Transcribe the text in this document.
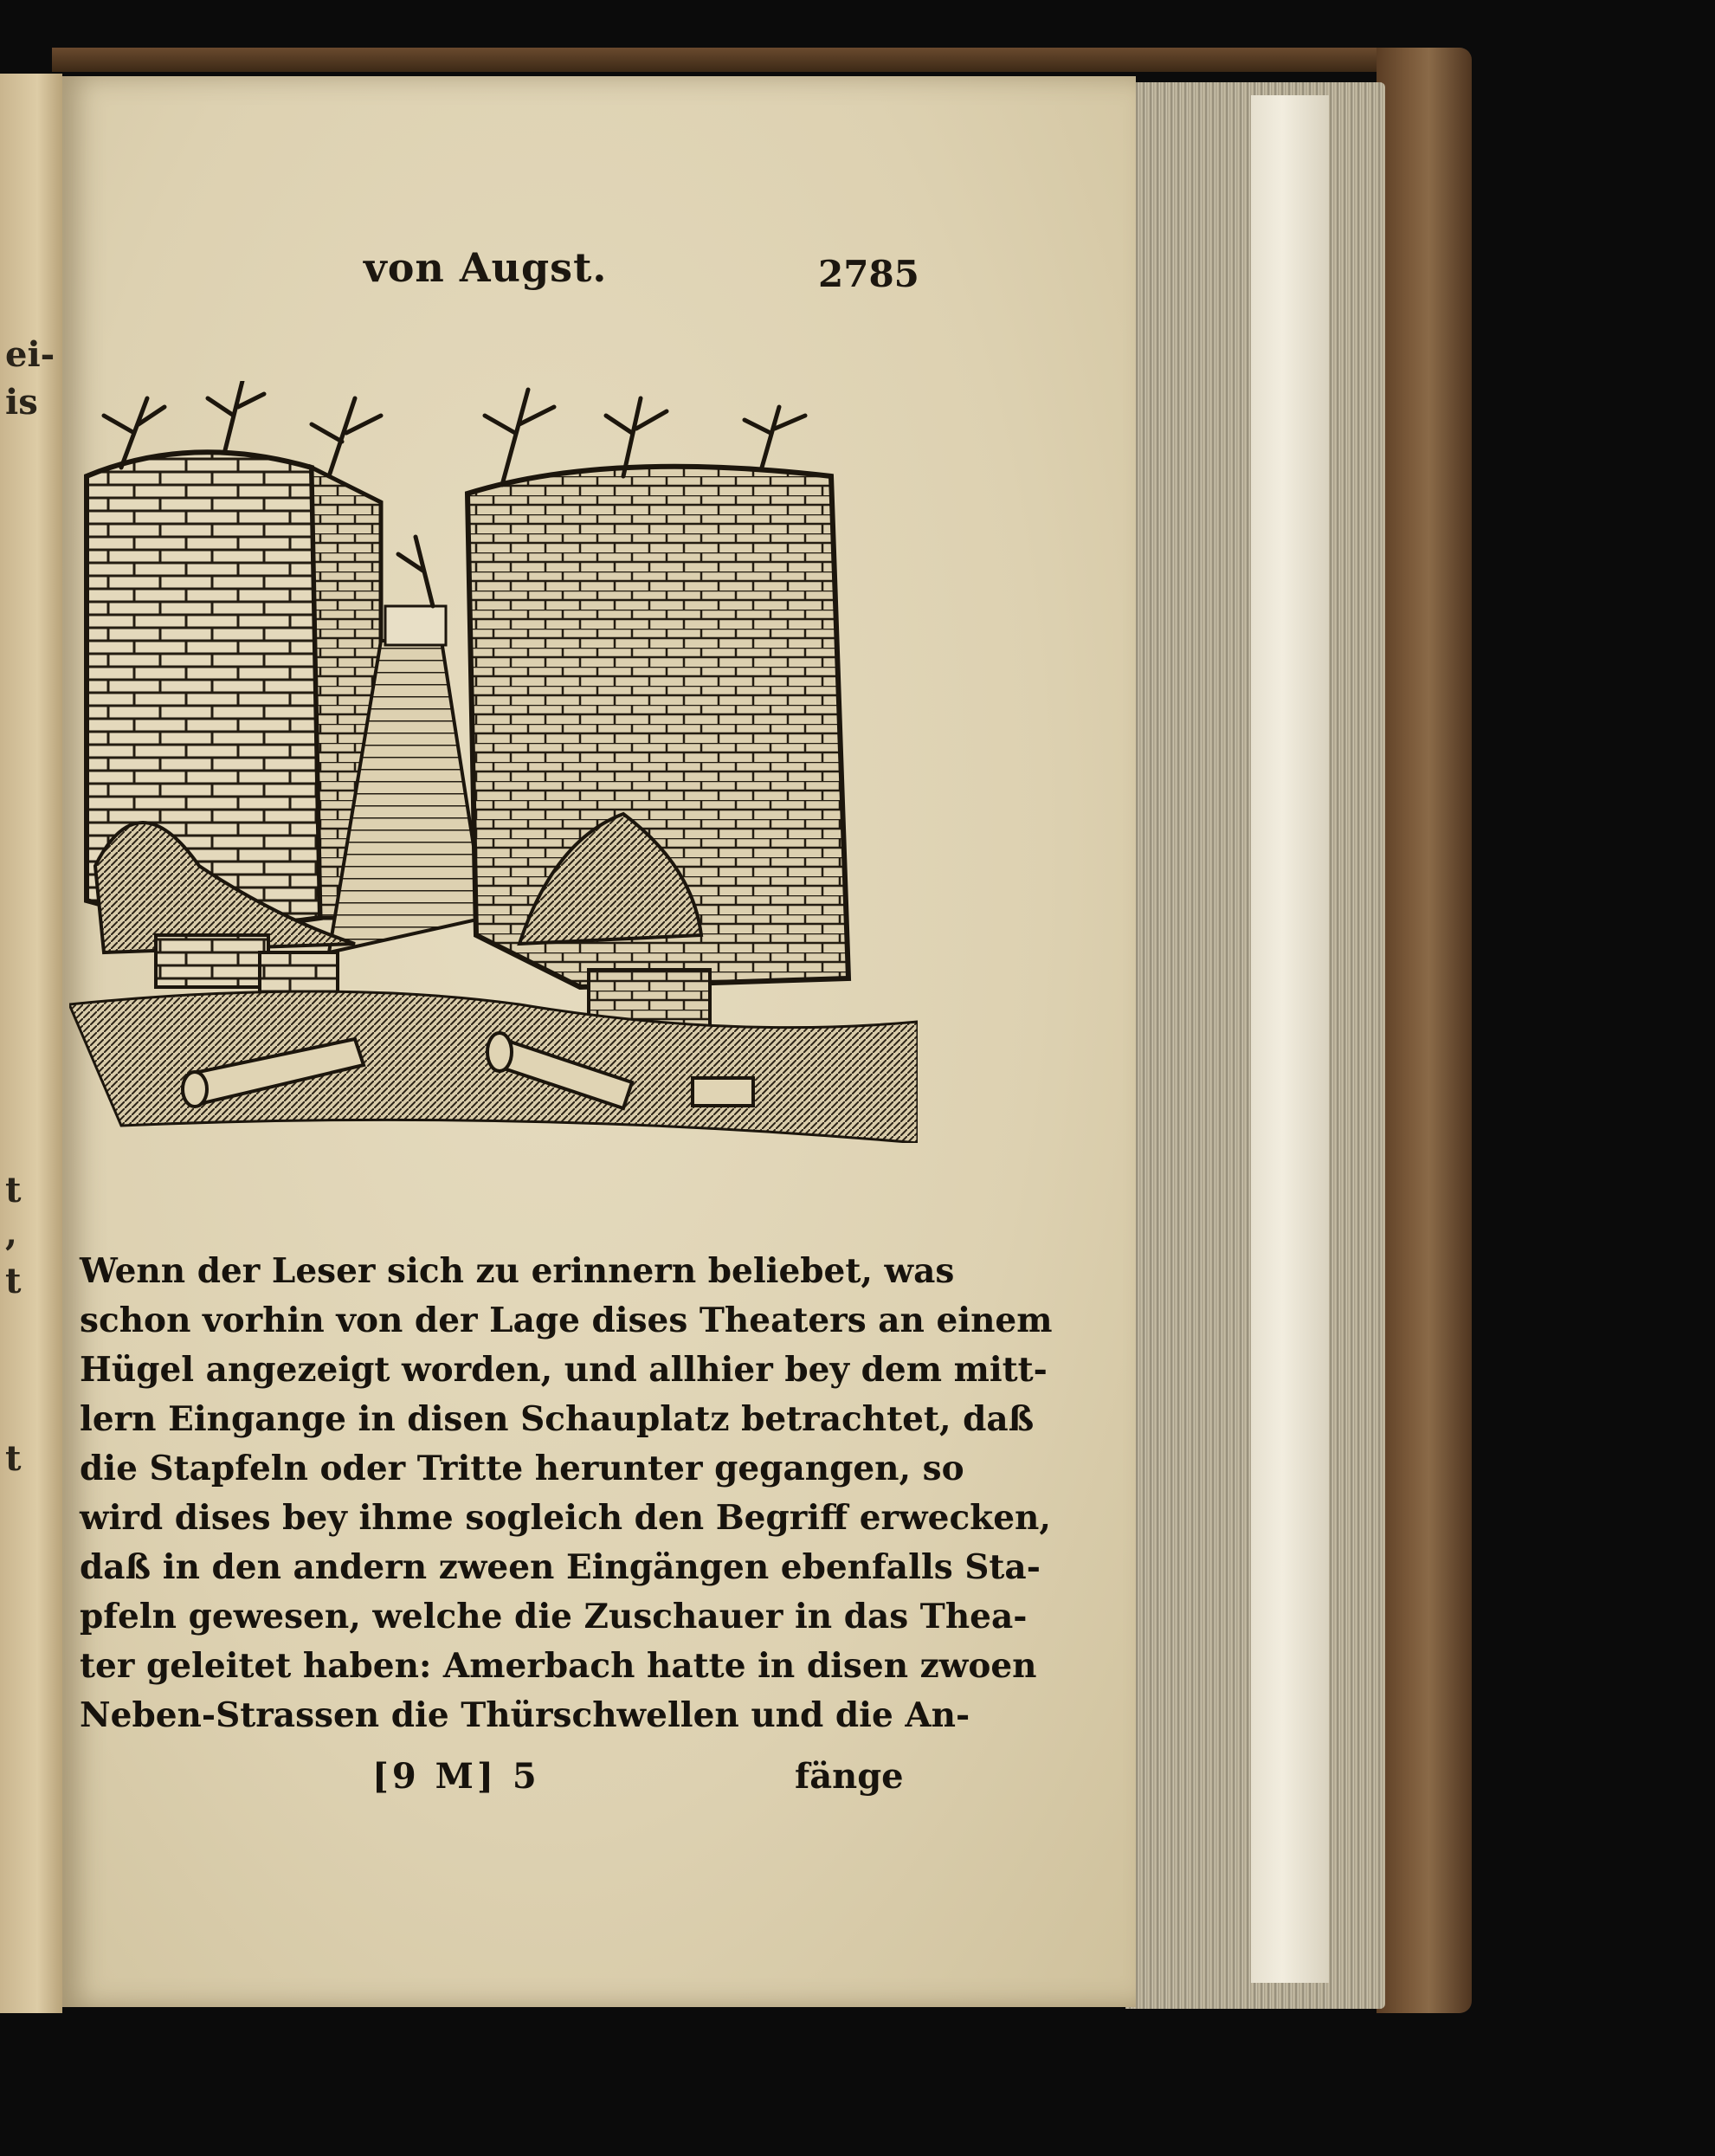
ei-
is
t
,
t
t
von Augst.	2785
Wenn der Leser sich zu erinnern beliebet, was
schon vorhin von der Lage dises Theaters an einem
Hügel angezeigt worden, und allhier bey dem mitt-
lern Eingange in disen Schauplatz betrachtet, daß
die Stapfeln oder Tritte herunter gegangen, so
wird dises bey ihme sogleich den Begriff erwecken,
daß in den andern zween Eingängen ebenfalls Sta-
pfeln gewesen, welche die Zuschauer in das Thea-
ter geleitet haben: Amerbach hatte in disen zwoen
Neben-Strassen die Thürschwellen und die An-
[9 M] 5	fänge
